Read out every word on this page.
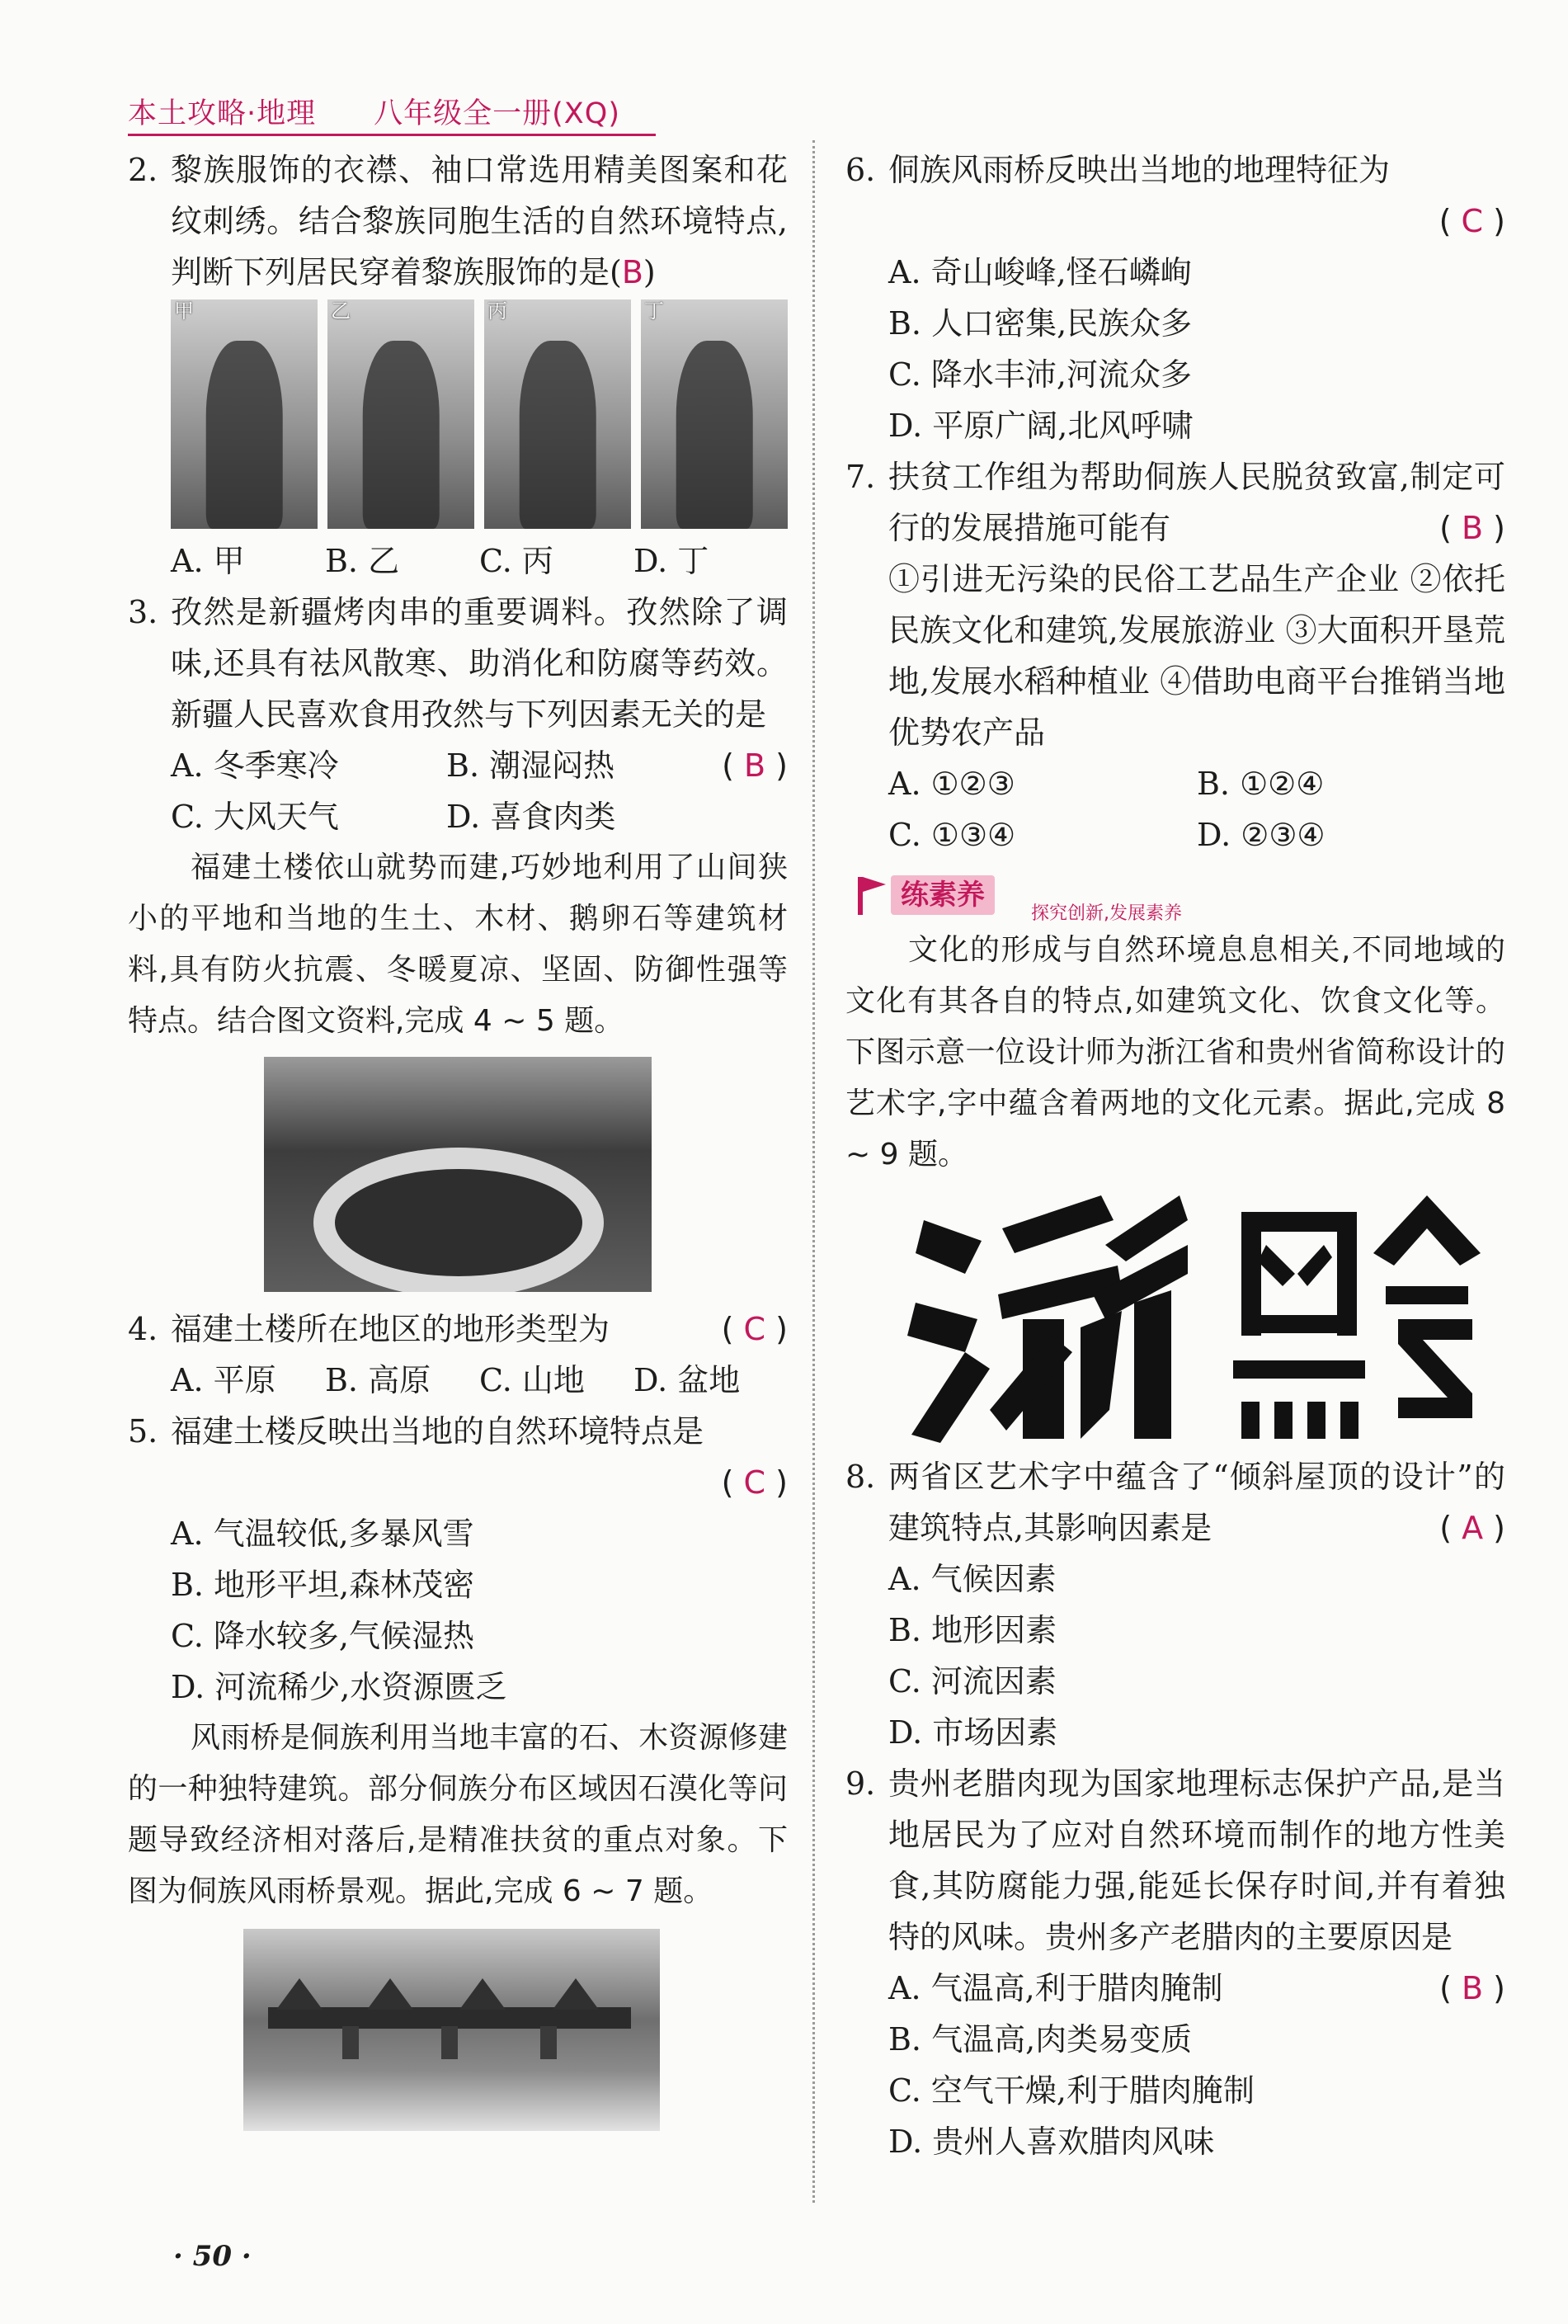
本土攻略·地理 八年级全一册(XQ)
2. 黎族服饰的衣襟、袖口常选用精美图案和花纹刺绣。结合黎族同胞生活的自然环境特点,判断下列居民穿着黎族服饰的是(B)
甲	乙	丙	丁
A. 甲	B. 乙	C. 丙	D. 丁
3. 孜然是新疆烤肉串的重要调料。孜然除了调味,还具有祛风散寒、助消化和防腐等药效。新疆人民喜欢食用孜然与下列因素无关的是
( B )
A. 冬季寒冷	B. 潮湿闷热
C. 大风天气	D. 喜食肉类
福建土楼依山就势而建,巧妙地利用了山间狭小的平地和当地的生土、木材、鹅卵石等建筑材料,具有防火抗震、冬暖夏凉、坚固、防御性强等特点。结合图文资料,完成 4 ~ 5 题。
4. 福建土楼所在地区的地形类型为	( C )
A. 平原	B. 高原	C. 山地	D. 盆地
5. 福建土楼反映出当地的自然环境特点是
( C )
A. 气温较低,多暴风雪
B. 地形平坦,森林茂密
C. 降水较多,气候湿热
D. 河流稀少,水资源匮乏
风雨桥是侗族利用当地丰富的石、木资源修建的一种独特建筑。部分侗族分布区域因石漠化等问题导致经济相对落后,是精准扶贫的重点对象。下图为侗族风雨桥景观。据此,完成 6 ~ 7 题。
6. 侗族风雨桥反映出当地的地理特征为
( C )
A. 奇山峻峰,怪石嶙峋
B. 人口密集,民族众多
C. 降水丰沛,河流众多
D. 平原广阔,北风呼啸
7. 扶贫工作组为帮助侗族人民脱贫致富,制定可行的发展措施可能有	( B )
①引进无污染的民俗工艺品生产企业 ②依托民族文化和建筑,发展旅游业 ③大面积开垦荒地,发展水稻种植业 ④借助电商平台推销当地优势农产品
A. ①②③	B. ①②④
C. ①③④	D. ②③④
练素养
探究创新,发展素养
文化的形成与自然环境息息相关,不同地域的文化有其各自的特点,如建筑文化、饮食文化等。下图示意一位设计师为浙江省和贵州省简称设计的艺术字,字中蕴含着两地的文化元素。据此,完成 8 ~ 9 题。
8. 两省区艺术字中蕴含了“倾斜屋顶的设计”的建筑特点,其影响因素是	( A )
A. 气候因素
B. 地形因素
C. 河流因素
D. 市场因素
9. 贵州老腊肉现为国家地理标志保护产品,是当地居民为了应对自然环境而制作的地方性美食,其防腐能力强,能延长保存时间,并有着独特的风味。贵州多产老腊肉的主要原因是
( B )
A. 气温高,利于腊肉腌制
B. 气温高,肉类易变质
C. 空气干燥,利于腊肉腌制
D. 贵州人喜欢腊肉风味
· 50 ·
